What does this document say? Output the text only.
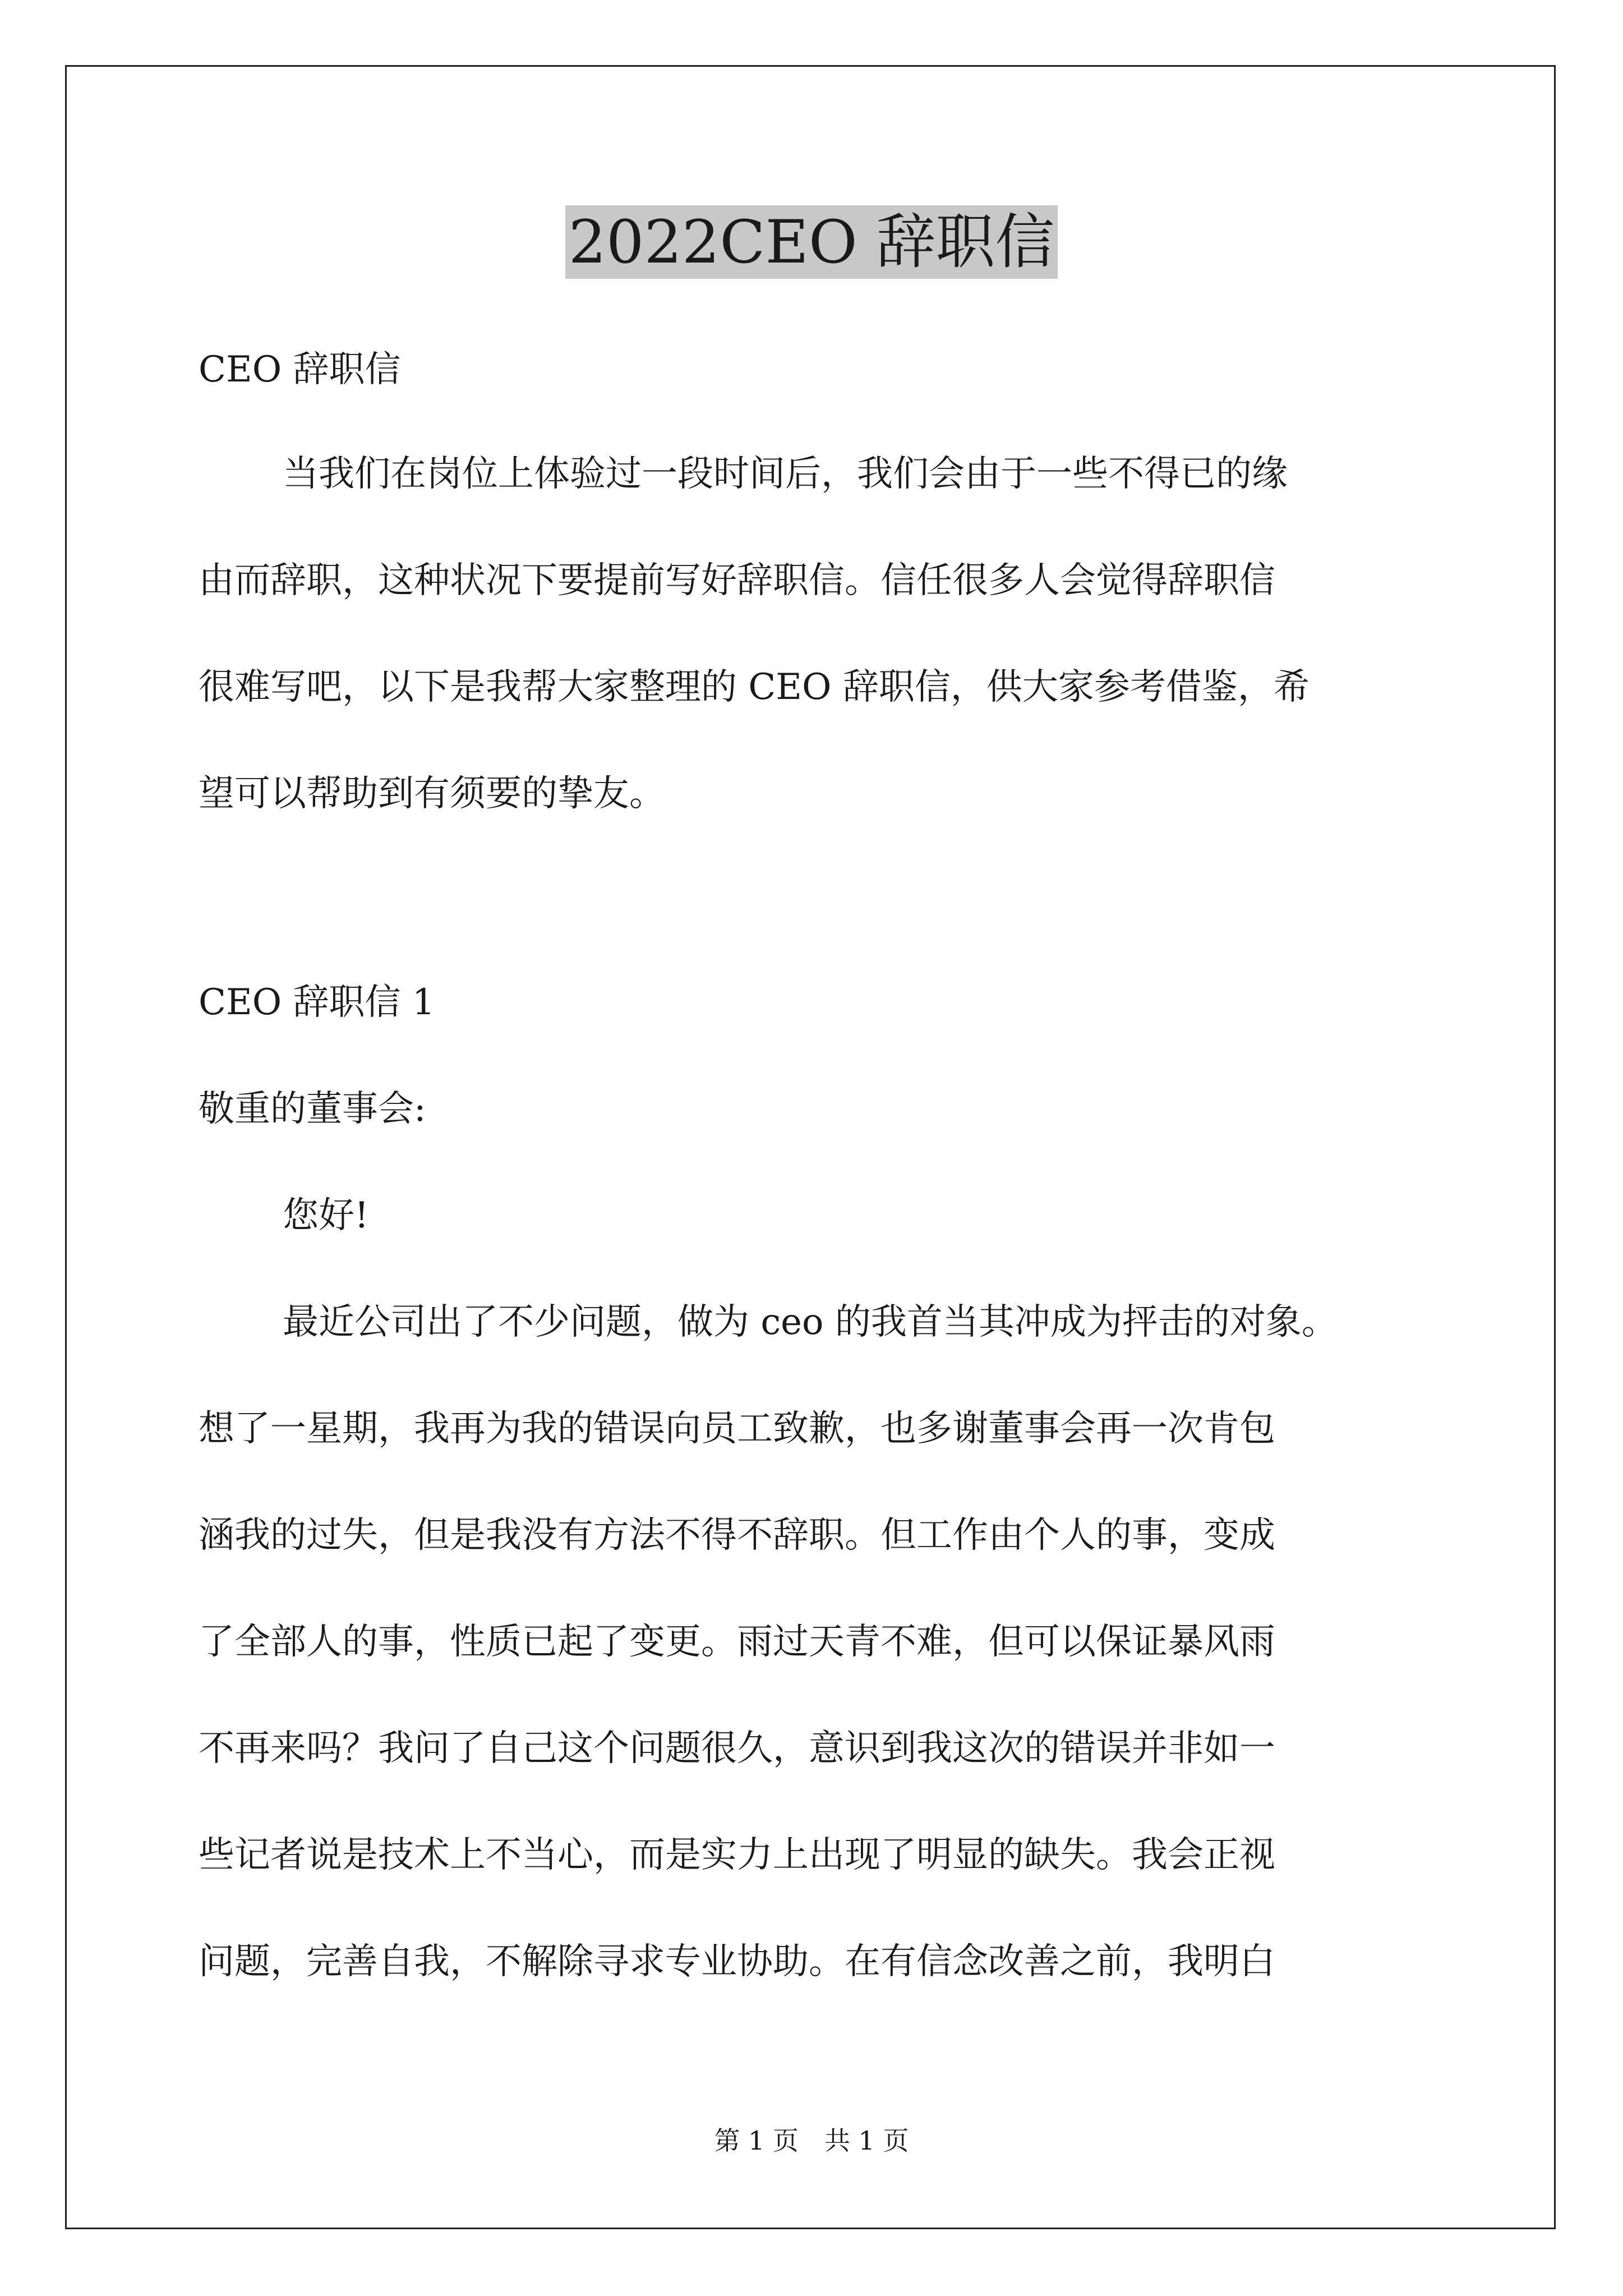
2022CEO 辞职信

CEO 辞职信

当我们在岗位上体验过一段时间后，我们会由于一些不得已的缘
由而辞职，这种状况下要提前写好辞职信。信任很多人会觉得辞职信
很难写吧，以下是我帮大家整理的 CEO 辞职信，供大家参考借鉴，希
望可以帮助到有须要的挚友。

CEO 辞职信 1

敬重的董事会:

您好!

最近公司出了不少问题，做为 ceo 的我首当其冲成为抨击的对象。
想了一星期，我再为我的错误向员工致歉，也多谢董事会再一次肯包
涵我的过失，但是我没有方法不得不辞职。但工作由个人的事，变成
了全部人的事，性质已起了变更。雨过天青不难，但可以保证暴风雨
不再来吗？我问了自己这个问题很久，意识到我这次的错误并非如一
些记者说是技术上不当心，而是实力上出现了明显的缺失。我会正视
问题，完善自我，不解除寻求专业协助。在有信念改善之前，我明白
第 1 页　共 1 页
